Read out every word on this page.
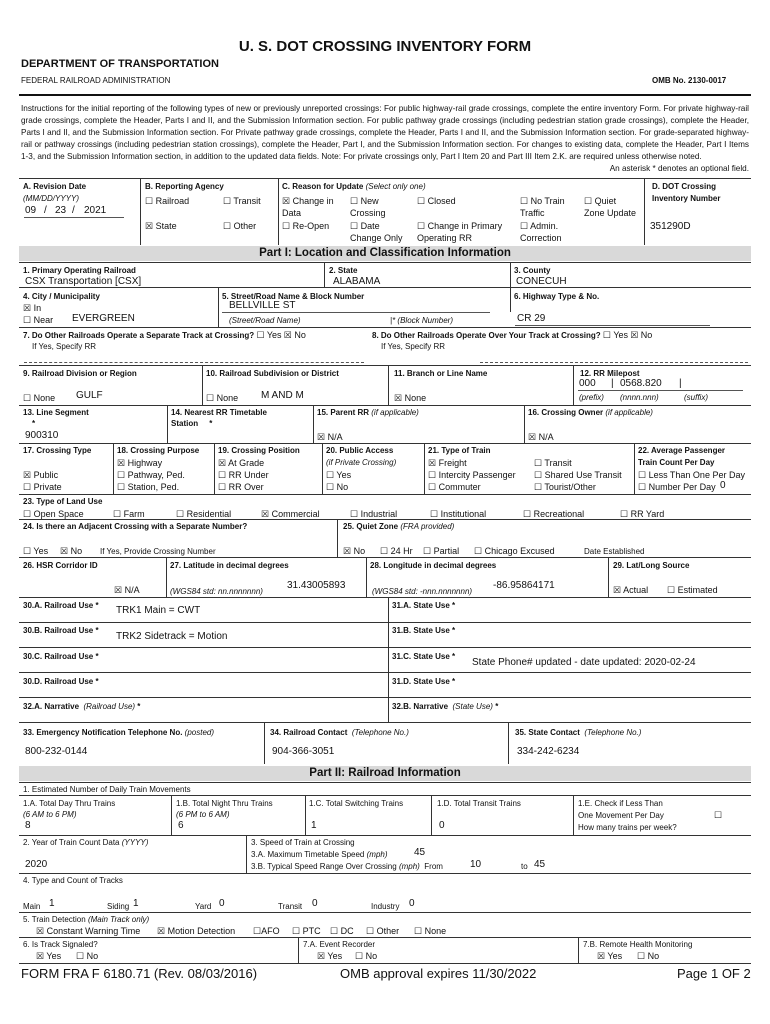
U. S. DOT CROSSING INVENTORY FORM
DEPARTMENT OF TRANSPORTATION
FEDERAL RAILROAD ADMINISTRATION	OMB No. 2130-0017
Instructions for the initial reporting of the following types of new or previously unreported crossings: For public highway-rail grade crossings, complete the entire inventory Form. For private highway-rail grade crossings, complete the Header, Parts I and II, and the Submission Information section. For public pathway grade crossings (including pedestrian station grade crossings), complete the Header, Parts I and II, and the Submission Information section. For Private pathway grade crossings, complete the Header, Parts I and II, and the Submission Information section. For grade-separated highway-rail or pathway crossings (including pedestrian station crossings), complete the Header, Part I, and the Submission Information section. For changes to existing data, complete the Header, Part I Items 1-3, and the Submission Information section, in addition to the updated data fields. Note: For private crossings only, Part I Item 20 and Part III Item 2.K. are required unless otherwise noted.
An asterisk * denotes an optional field.
A. Revision Date
(MM/DD/YYYY)
09 / 23 / 2021
B. Reporting Agency
☐ Railroad	☐ Transit
☒ State	☐ Other
C. Reason for Update (Select only one)
☒ Change in
Data
☐ New
Crossing
☐ Closed
☐ Re-Open ☐ Date
Change Only
☐ Change in Primary
Operating RR
☐ No Train
Traffic
☐ Quiet
Zone Update
☐ Admin.
Correction
D. DOT Crossing
Inventory Number
351290D
Part I: Location and Classification Information
1. Primary Operating Railroad
CSX Transportation [CSX]
2. State
ALABAMA
3. County
CONECUH
4. City / Municipality
☒ In
☐ Near EVERGREEN
5. Street/Road Name & Block Number
BELLVILLE ST
(Street/Road Name)	|* (Block Number)
6. Highway Type & No.
CR 29
7. Do Other Railroads Operate a Separate Track at Crossing? ☐ Yes ☒ No
If Yes, Specify RR
8. Do Other Railroads Operate Over Your Track at Crossing? ☐ Yes ☒ No
If Yes, Specify RR
9. Railroad Division or Region
☐ None GULF
10. Railroad Subdivision or District
☐ None M AND M
11. Branch or Line Name
☒ None
12. RR Milepost
000 | 0568.820 |
(prefix) (nnnn.nnn)	(suffix)
13. Line Segment
*
900310
14. Nearest RR Timetable
Station *
15. Parent RR (if applicable)
☒ N/A
16. Crossing Owner (if applicable)
☒ N/A
17. Crossing Type
☒ Public
☐ Private
18. Crossing Purpose
☒ Highway
☐ Pathway, Ped.
☐ Station, Ped.
19. Crossing Position
☒ At Grade
☐ RR Under
☐ RR Over
20. Public Access
(if Private Crossing)
☐ Yes
☐ No
21. Type of Train
☒ Freight
☐ Intercity Passenger
☐ Commuter
☐ Transit
☐ Shared Use Transit
☐ Tourist/Other
22. Average Passenger
Train Count Per Day
☐ Less Than One Per Day
☐ Number Per Day 0
23. Type of Land Use
☐ Open Space	☐ Farm	☐ Residential	☒ Commercial	☐ Industrial	☐ Institutional	☐ Recreational	☐ RR Yard
24. Is there an Adjacent Crossing with a Separate Number?
☐ Yes ☒ No If Yes, Provide Crossing Number
25. Quiet Zone (FRA provided)
☒ No ☐ 24 Hr ☐ Partial ☐ Chicago Excused	Date Established
26. HSR Corridor ID
☒ N/A
27. Latitude in decimal degrees
(WGS84 std: nn.nnnnnnn)
31.43005893
28. Longitude in decimal degrees
(WGS84 std: -nnn.nnnnnnn)
-86.95864171
29. Lat/Long Source
☒ Actual ☐ Estimated
30.A. Railroad Use * TRK1 Main = CWT	31.A. State Use *
30.B. Railroad Use *
TRK2 Sidetrack = Motion
31.B. State Use *
30.C. Railroad Use *	31.C. State Use *
State Phone# updated - date updated: 2020-02-24
30.D. Railroad Use *	31.D. State Use *
32.A. Narrative (Railroad Use) *	32.B. Narrative (State Use) *
33. Emergency Notification Telephone No. (posted)
800-232-0144
34. Railroad Contact (Telephone No.)
904-366-3051
35. State Contact (Telephone No.)
334-242-6234
Part II: Railroad Information
1. Estimated Number of Daily Train Movements
1.A. Total Day Thru Trains
(6 AM to 6 PM)
8
1.B. Total Night Thru Trains
(6 PM to 6 AM)
6
1.C. Total Switching Trains
1
1.D. Total Transit Trains
0
1.E. Check if Less Than
One Movement Per Day	☐
How many trains per week?
2. Year of Train Count Data (YYYY)
2020
3. Speed of Train at Crossing
3.A. Maximum Timetable Speed (mph)	45
3.B. Typical Speed Range Over Crossing (mph) From	10	to 45
4. Type and Count of Tracks
Main 1	Siding 1	Yard 0	Transit 0	Industry 0
5. Train Detection (Main Track only)
☒ Constant Warning Time ☒ Motion Detection ☐AFO ☐ PTC ☐ DC ☐ Other ☐ None
6. Is Track Signaled?
☒ Yes ☐ No
7.A. Event Recorder
☒ Yes ☐ No
7.B. Remote Health Monitoring
☒ Yes ☐ No
FORM FRA F 6180.71 (Rev. 08/03/2016)	OMB approval expires 11/30/2022	Page 1 OF 2
